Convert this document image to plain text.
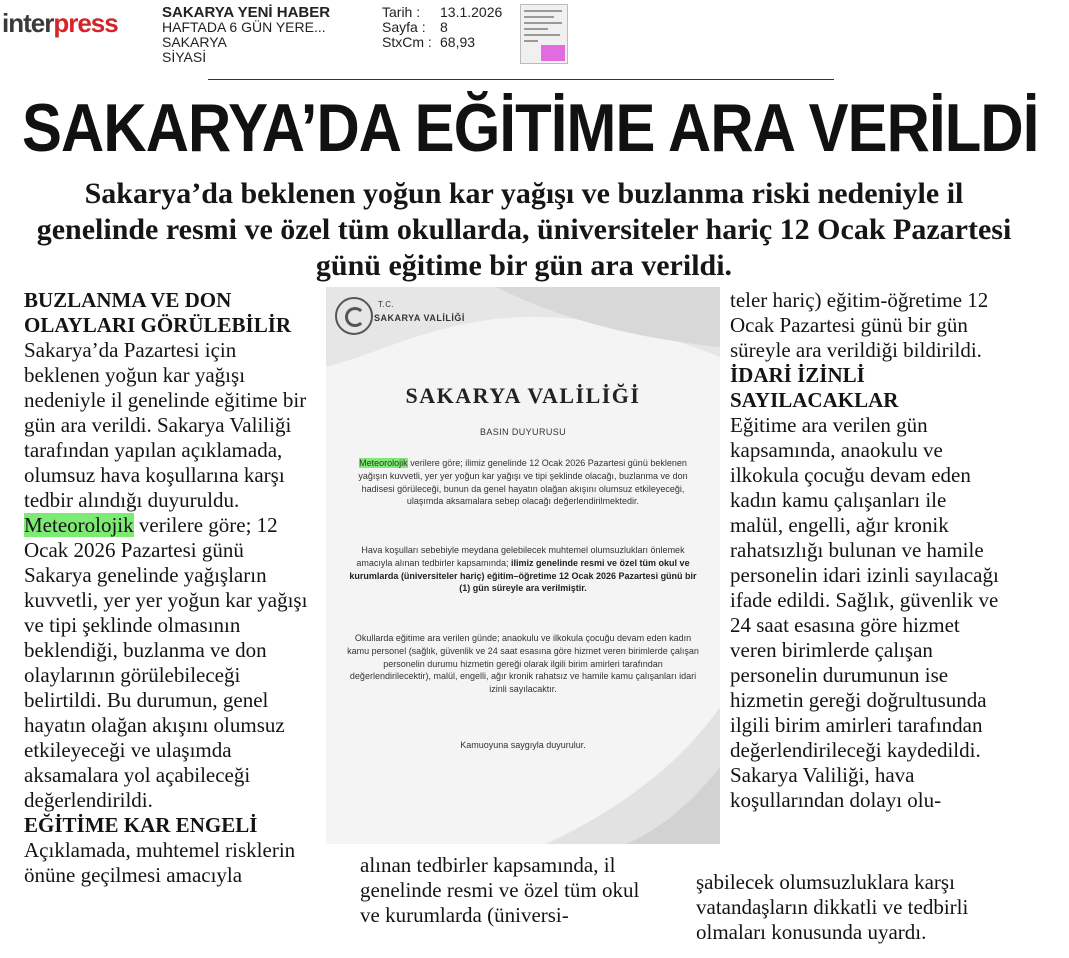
interpress	SAKARYA YENİ HABER
HAFTADA 6 GÜN YERE...
SAKARYA
SİYASİ
Tarih :	13.1.2026
Sayfa :	8
StxCm : 68,93
SAKARYA’DA EĞİTİME ARA VERİLDİ
Sakarya’da beklenen yoğun kar yağışı ve buzlanma riski nedeniyle il genelinde resmi ve özel tüm okullarda, üniversiteler hariç 12 Ocak Pazartesi günü eğitime bir gün ara verildi.

BUZLANMA VE DON OLAYLARI GÖRÜLEBİLİR

Sakarya’da Pazartesi için beklenen yoğun kar yağışı nedeniyle il genelinde eğitime bir gün ara verildi. Sakarya Valiliği tarafından yapılan açıklamada, olumsuz hava koşullarına karşı tedbir alındığı duyuruldu. Meteorolojik verilere göre; 12 Ocak 2026 Pazartesi günü Sakarya genelinde yağışların kuvvetli, yer yer yoğun kar yağışı ve tipi şeklinde olmasının beklendiği, buzlanma ve don olaylarının görülebileceği belirtildi. Bu durumun, genel hayatın olağan akışını olumsuz etkileyeceği ve ulaşımda aksamalara yol açabileceği değerlendirildi.

EĞİTİME KAR ENGELİ

Açıklamada, muhtemel risklerin önüne geçilmesi amacıyla

T.C.
SAKARYA VALİLİĞİ
SAKARYA VALİLİĞİ
BASIN DUYURUSU
Meteorolojik verilere göre; ilimiz genelinde 12 Ocak 2026 Pazartesi günü beklenen yağışın kuvvetli, yer yer yoğun kar yağışı ve tipi şeklinde olacağı, buzlanma ve don hadisesi görüleceği, bunun da genel hayatın olağan akışını olumsuz etkileyeceği, ulaşımda aksamalara sebep olacağı değerlendirilmektedir.
Hava koşulları sebebiyle meydana gelebilecek muhtemel olumsuzlukları önlemek amacıyla alınan tedbirler kapsamında; ilimiz genelinde resmi ve özel tüm okul ve kurumlarda (üniversiteler hariç) eğitim–öğretime 12 Ocak 2026 Pazartesi günü bir (1) gün süreyle ara verilmiştir.
Okullarda eğitime ara verilen günde; anaokulu ve ilkokula çocuğu devam eden kadın kamu personel (sağlık, güvenlik ve 24 saat esasına göre hizmet veren birimlerde çalışan personelin durumu hizmetin gereği olarak ilgili birim amirleri tarafından değerlendirilecektir), malül, engelli, ağır kronik rahatsız ve hamile kamu çalışanları idari izinli sayılacaktır.
Kamuoyuna saygıyla duyurulur.

alınan tedbirler kapsamında, il genelinde resmi ve özel tüm okul ve kurumlarda (üniversi-

teler hariç) eğitim-öğretime 12 Ocak Pazartesi günü bir gün süreyle ara verildiği bildirildi.

İDARİ İZİNLİ SAYILACAKLAR

Eğitime ara verilen gün kapsamında, anaokulu ve ilkokula çocuğu devam eden kadın kamu çalışanları ile malül, engelli, ağır kronik rahatsızlığı bulunan ve hamile personelin idari izinli sayılacağı ifade edildi. Sağlık, güvenlik ve 24 saat esasına göre hizmet veren birimlerde çalışan personelin durumunun ise hizmetin gereği doğrultusunda ilgili birim amirleri tarafından değerlendirileceği kaydedildi. Sakarya Valiliği, hava koşullarından dolayı olu-

şabilecek olumsuzluklara karşı vatandaşların dikkatli ve tedbirli olmaları konusunda uyardı.
